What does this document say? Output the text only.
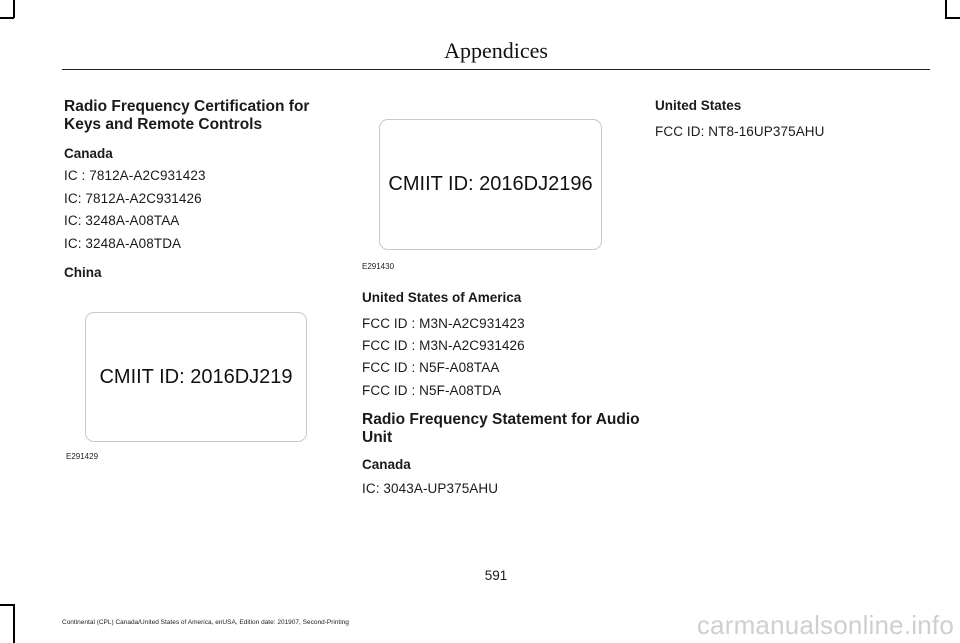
Appendices
Radio Frequency Certification for Keys and Remote Controls
Canada
IC : 7812A-A2C931423
IC: 7812A-A2C931426
IC: 3248A-A08TAA
IC: 3248A-A08TDA
China
CMIIT ID: 2016DJ219
E291429
CMIIT ID: 2016DJ2196
E291430
United States of America
FCC ID : M3N-A2C931423
FCC ID : M3N-A2C931426
FCC ID : N5F-A08TAA
FCC ID : N5F-A08TDA
Radio Frequency Statement for Audio Unit
Canada
IC: 3043A-UP375AHU
United States
FCC ID: NT8-16UP375AHU
591
Continental (CPL) Canada/United States of America, enUSA, Edition date: 201907, Second-Printing	carmanualsonline.info
